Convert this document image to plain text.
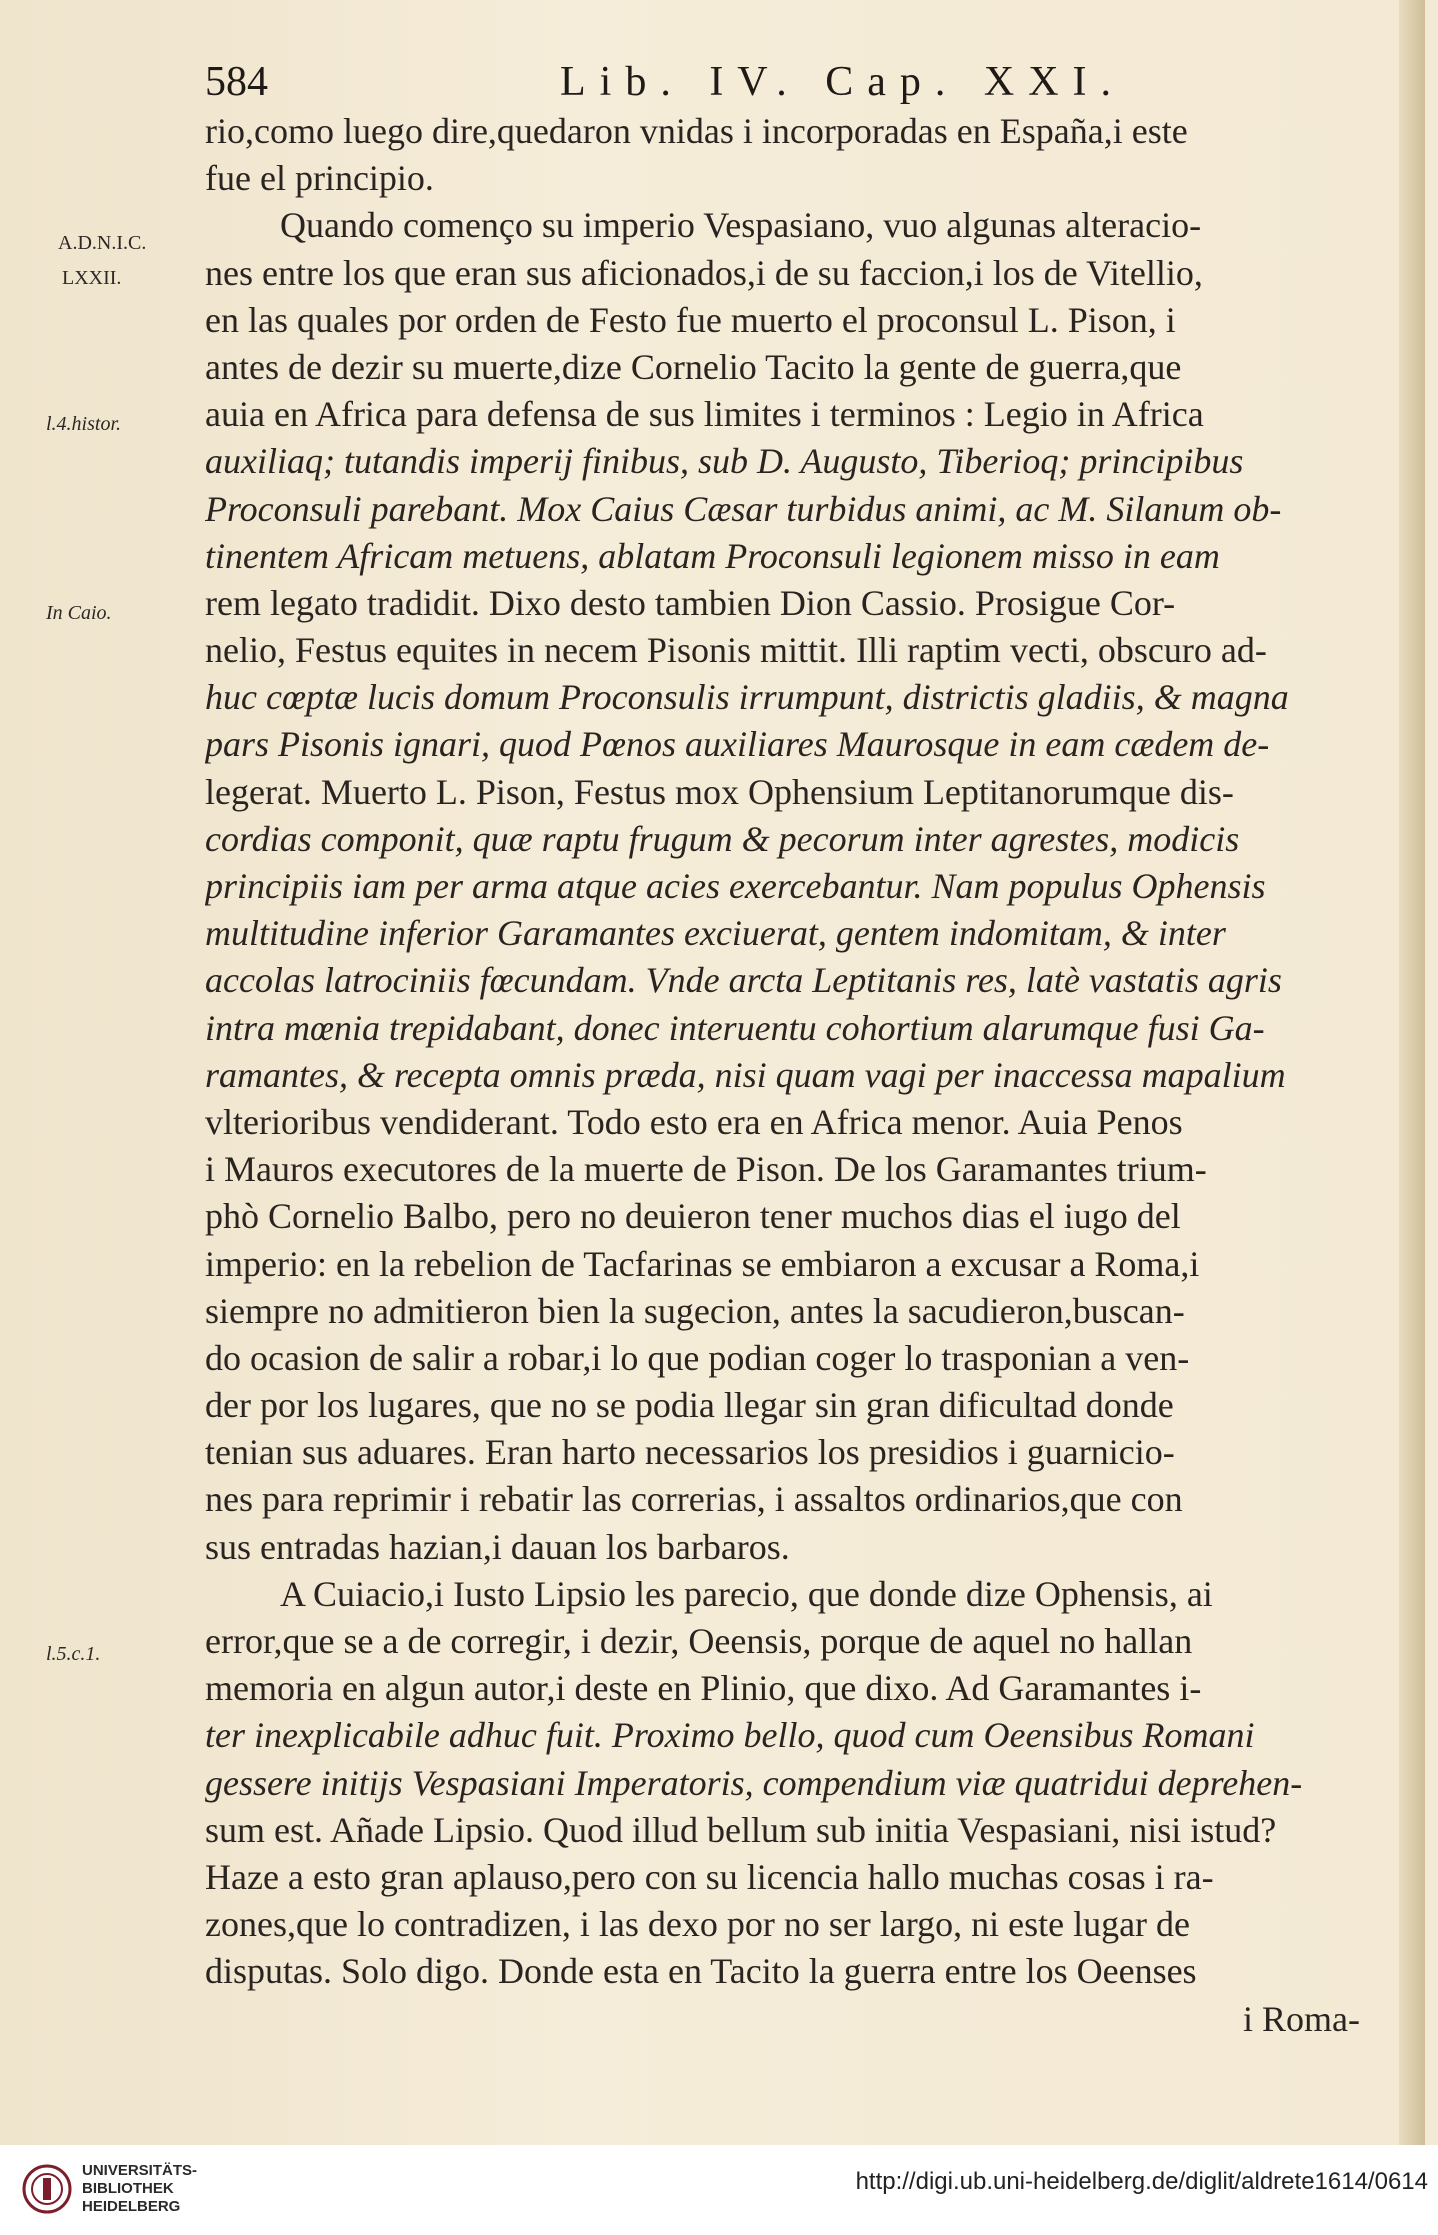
584	Lib. IV. Cap. XXI.
A.D.N.I.C.
LXXII.
l.4.histor.
In Caio.
l.5.c.1.
rio,como luego dire,quedaron vnidas i incorporadas en España,i este
fue el principio.
Quando començo su imperio Vespasiano, vuo algunas alteracio-
nes entre los que eran sus aficionados,i de su faccion,i los de Vitellio,
en las quales por orden de Festo fue muerto el proconsul L. Pison, i
antes de dezir su muerte,dize Cornelio Tacito la gente de guerra,que
auia en Africa para defensa de sus limites i terminos : Legio in Africa
auxiliaq; tutandis imperij finibus, sub D. Augusto, Tiberioq; principibus
Proconsuli parebant. Mox Caius Cæsar turbidus animi, ac M. Silanum ob-
tinentem Africam metuens, ablatam Proconsuli legionem misso in eam
rem legato tradidit. Dixo desto tambien Dion Cassio. Prosigue Cor-
nelio, Festus equites in necem Pisonis mittit. Illi raptim vecti, obscuro ad-
huc cœptæ lucis domum Proconsulis irrumpunt, districtis gladiis, & magna
pars Pisonis ignari, quod Pœnos auxiliares Maurosque in eam cædem de-
legerat. Muerto L. Pison, Festus mox Ophensium Leptitanorumque dis-
cordias componit, quæ raptu frugum & pecorum inter agrestes, modicis
principiis iam per arma atque acies exercebantur. Nam populus Ophensis
multitudine inferior Garamantes exciuerat, gentem indomitam, & inter
accolas latrociniis fœcundam. Vnde arcta Leptitanis res, latè vastatis agris
intra mœnia trepidabant, donec interuentu cohortium alarumque fusi Ga-
ramantes, & recepta omnis præda, nisi quam vagi per inaccessa mapalium
vlterioribus vendiderant. Todo esto era en Africa menor. Auia Penos
i Mauros executores de la muerte de Pison. De los Garamantes trium-
phò Cornelio Balbo, pero no deuieron tener muchos dias el iugo del
imperio: en la rebelion de Tacfarinas se embiaron a excusar a Roma,i
siempre no admitieron bien la sugecion, antes la sacudieron,buscan-
do ocasion de salir a robar,i lo que podian coger lo trasponian a ven-
der por los lugares, que no se podia llegar sin gran dificultad donde
tenian sus aduares. Eran harto necessarios los presidios i guarnicio-
nes para reprimir i rebatir las correrias, i assaltos ordinarios,que con
sus entradas hazian,i dauan los barbaros.
A Cuiacio,i Iusto Lipsio les parecio, que donde dize Ophensis, ai
error,que se a de corregir, i dezir, Oeensis, porque de aquel no hallan
memoria en algun autor,i deste en Plinio, que dixo. Ad Garamantes i-
ter inexplicabile adhuc fuit. Proximo bello, quod cum Oeensibus Romani
gessere initijs Vespasiani Imperatoris, compendium viæ quatridui deprehen-
sum est. Añade Lipsio. Quod illud bellum sub initia Vespasiani, nisi istud?
Haze a esto gran aplauso,pero con su licencia hallo muchas cosas i ra-
zones,que lo contradizen, i las dexo por no ser largo, ni este lugar de
disputas. Solo digo. Donde esta en Tacito la guerra entre los Oeenses
i Roma-
UNIVERSITÄTS-
BIBLIOTHEK
HEIDELBERG
http://digi.ub.uni-heidelberg.de/diglit/aldrete1614/0614
